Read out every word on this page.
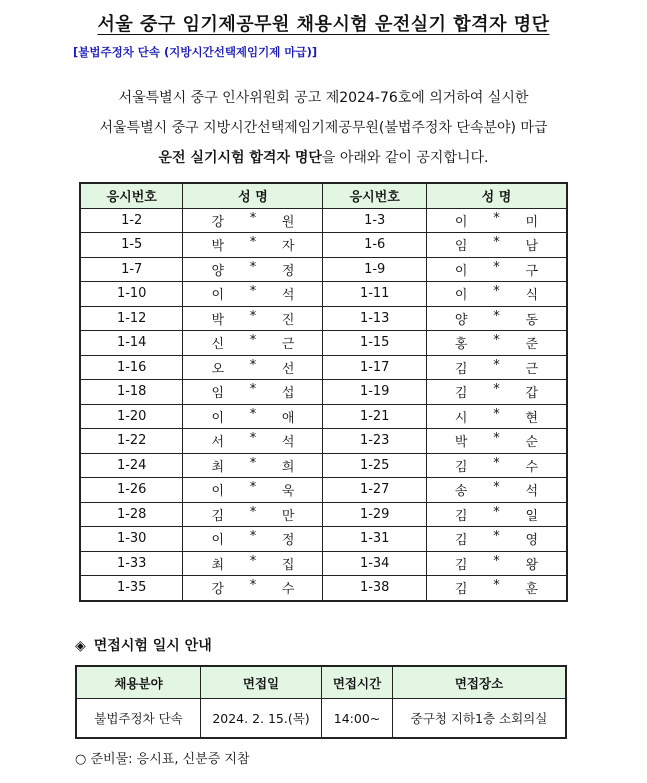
서울 중구 임기제공무원 채용시험 운전실기 합격자 명단
[불법주정차 단속 (지방시간선택제임기제 마급)]
서울특별시 중구 인사위원회 공고 제2024-76호에 의거하여 실시한
서울특별시 중구 지방시간선택제임기제공무원(불법주정차 단속분야) 마급
운전 실기시험 합격자 명단을 아래와 같이 공지합니다.
응시번호	성 명	응시번호	성 명
1-2	강 * 원	1-3	이 * 미

1-5	박 * 자	1-6	임 * 남

1-7	양 * 정	1-9	이 * 구

1-10	이 * 석	1-11	이 * 식

1-12	박 * 진	1-13	양 * 동

1-14	신 * 근	1-15	홍 * 준

1-16	오 * 선	1-17	김 * 근

1-18	임 * 섭	1-19	김 * 갑

1-20	이 * 애	1-21	시 * 현

1-22	서 * 석	1-23	박 * 순

1-24	최 * 희	1-25	김 * 수

1-26	이 * 욱	1-27	송 * 석

1-28	김 * 만	1-29	김 * 일

1-30	이 * 정	1-31	김 * 영

1-33	최 * 집	1-34	김 * 왕

1-35	강 * 수	1-38	김 * 훈
◈ 면접시험 일시 안내
채용분야	면접일	면접시간	면접장소
불법주정차 단속	2024. 2. 15.(목)	14:00~	중구청 지하1층 소회의실
○ 준비물: 응시표, 신분증 지참
